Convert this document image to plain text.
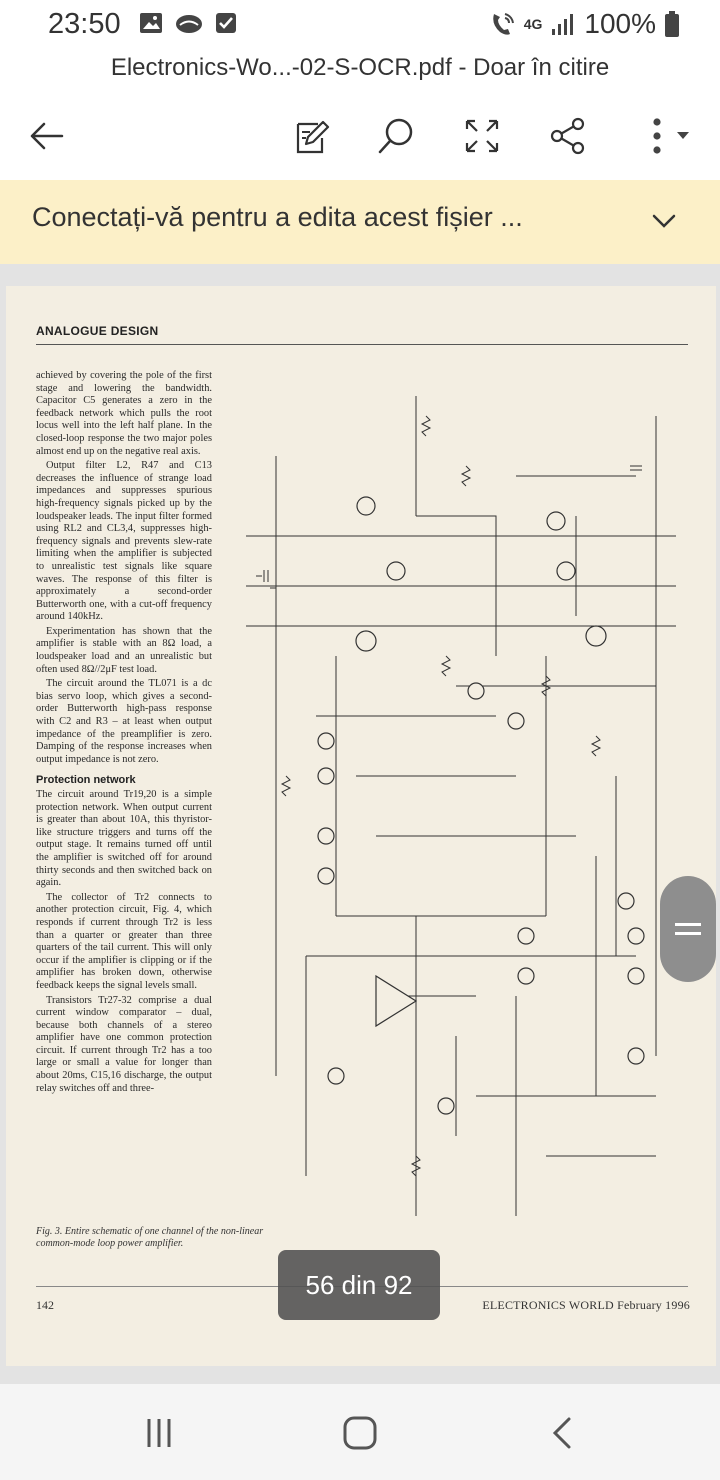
23:50	4G 100%
Electronics-Wo...-02-S-OCR.pdf - Doar în citire
Conectați-vă pentru a edita acest fișier ...
ANALOGUE DESIGN

achieved by covering the pole of the first stage and lowering the bandwidth. Capacitor C5 generates a zero in the feedback network which pulls the root locus well into the left half plane. In the closed-loop response the two major poles almost end up on the negative real axis.

Output filter L2, R47 and C13 decreases the influence of strange load impedances and suppresses spurious high-frequency signals picked up by the loudspeaker leads. The input filter formed using RL2 and CL3,4, suppresses high-frequency signals and prevents slew-rate limiting when the amplifier is subjected to unrealistic test signals like square waves. The response of this filter is approximately a second-order Butterworth one, with a cut-off frequency around 140kHz.

Experimentation has shown that the amplifier is stable with an 8Ω load, a loudspeaker load and an unrealistic but often used 8Ω//2μF test load.

The circuit around the TL071 is a dc bias servo loop, which gives a second-order Butterworth high-pass response with C2 and R3 – at least when output impedance of the preamplifier is zero. Damping of the response increases when output impedance is not zero.

Protection network

The circuit around Tr19,20 is a simple protection network. When output current is greater than about 10A, this thyristor-like structure triggers and turns off the output stage. It remains turned off until the amplifier is switched off for around thirty seconds and then switched back on again.

The collector of Tr2 connects to another protection circuit, Fig. 4, which responds if current through Tr2 is less than a quarter or greater than three quarters of the tail current. This will only occur if the amplifier is clipping or if the amplifier has broken down, otherwise feedback keeps the signal levels small.

Transistors Tr27-32 comprise a dual current window comparator – dual, because both channels of a stereo amplifier have one common protection circuit. If current through Tr2 has a too large or small a value for longer than about 20ms, C15,16 discharge, the output relay switches off and three-

Fig. 3. Entire schematic of one channel of the non-linear common-mode loop power amplifier.
142	ELECTRONICS WORLD February 1996
56 din 92
